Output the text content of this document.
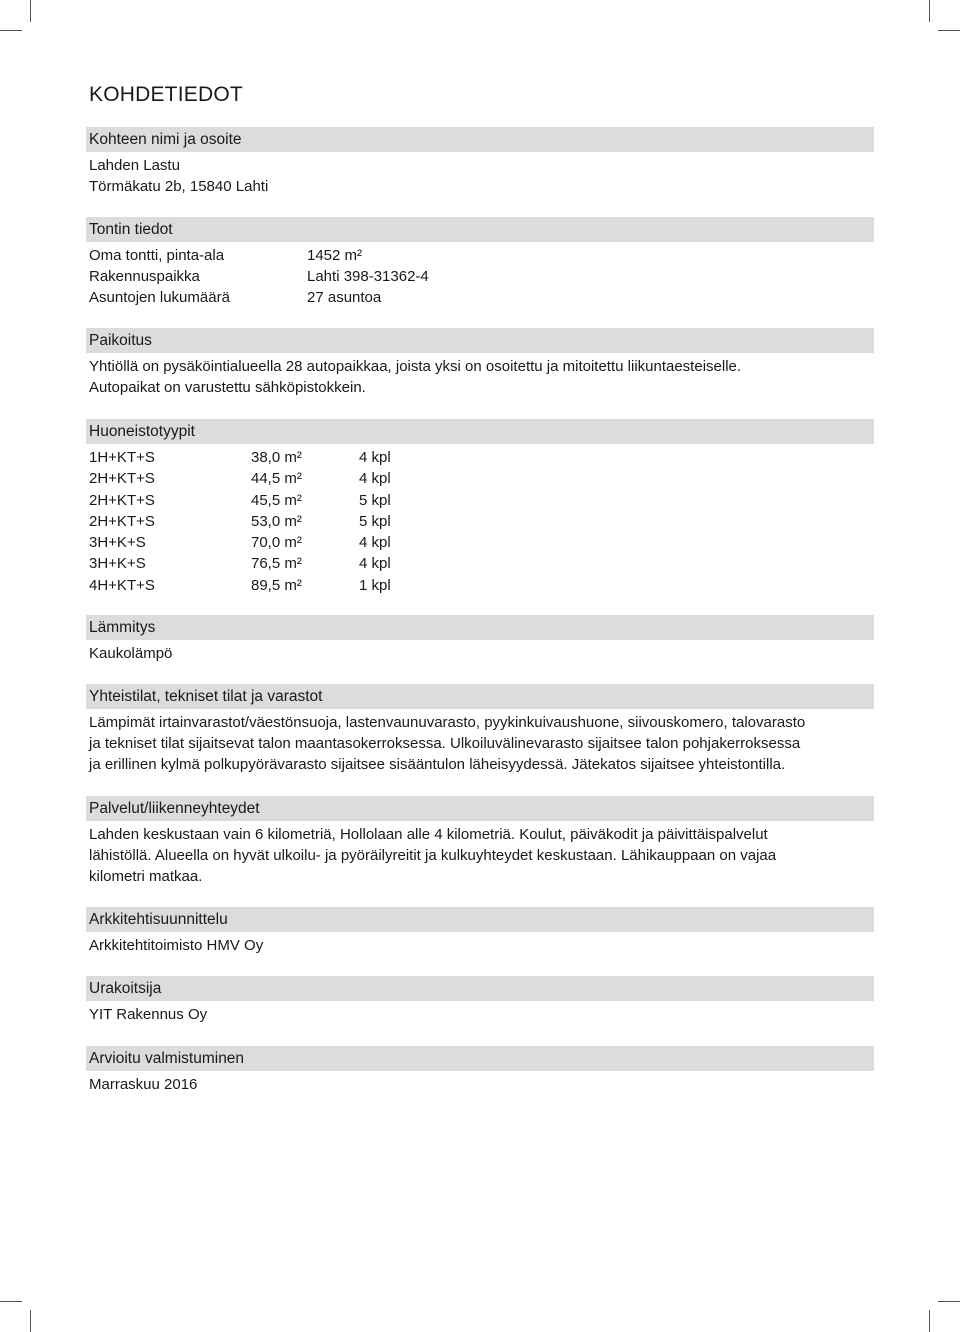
KOHDETIEDOT
Kohteen nimi ja osoite
Lahden Lastu
Törmäkatu 2b, 15840 Lahti
Tontin tiedot
Oma tontti, pinta-ala	1452 m²
Rakennuspaikka	Lahti 398-31362-4
Asuntojen lukumäärä	27 asuntoa
Paikoitus
Yhtiöllä on pysäköintialueella 28 autopaikkaa, joista yksi on osoitettu ja mitoitettu liikuntaesteiselle.
Autopaikat on varustettu sähköpistokkein.
Huoneistotyypit
1H+KT+S	38,0 m²	4 kpl
2H+KT+S	44,5 m²	4 kpl
2H+KT+S	45,5 m²	5 kpl
2H+KT+S	53,0 m²	5 kpl
3H+K+S	70,0 m²	4 kpl
3H+K+S	76,5 m²	4 kpl
4H+KT+S	89,5 m²	1 kpl
Lämmitys
Kaukolämpö
Yhteistilat, tekniset tilat ja varastot
Lämpimät irtainvarastot/väestönsuoja, lastenvaunuvarasto, pyykinkuivaushuone, siivouskomero, talovarasto
ja tekniset tilat sijaitsevat talon maantasokerroksessa. Ulkoiluvälinevarasto sijaitsee talon pohjakerroksessa
ja erillinen kylmä polkupyörävarasto sijaitsee sisääntulon läheisyydessä. Jätekatos sijaitsee yhteistontilla.
Palvelut/liikenneyhteydet
Lahden keskustaan vain 6 kilometriä, Hollolaan alle 4 kilometriä. Koulut, päiväkodit ja päivittäispalvelut
lähistöllä. Alueella on hyvät ulkoilu- ja pyöräilyreitit ja kulkuyhteydet keskustaan. Lähikauppaan on vajaa
kilometri matkaa.
Arkkitehtisuunnittelu
Arkkitehtitoimisto HMV Oy
Urakoitsija
YIT Rakennus Oy
Arvioitu valmistuminen
Marraskuu 2016
